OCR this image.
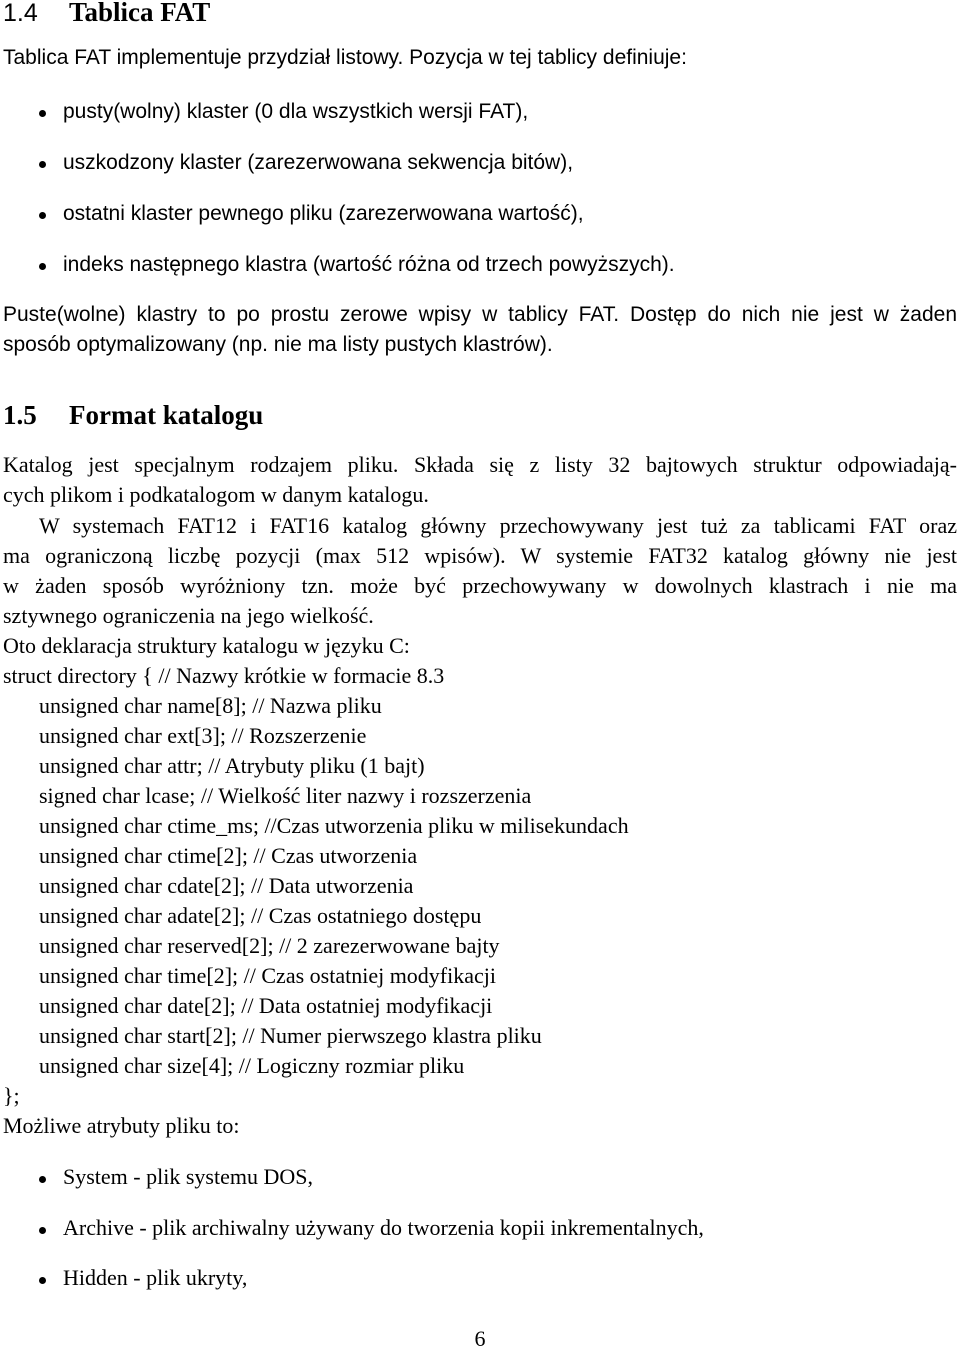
1.4 Tablica FAT
Tablica FAT implementuje przydział listowy. Pozycja w tej tablicy definiuje:
pusty(wolny) klaster (0 dla wszystkich wersji FAT),
uszkodzony klaster (zarezerwowana sekwencja bitów),
ostatni klaster pewnego pliku (zarezerwowana wartość),
indeks następnego klastra (wartość różna od trzech powyższych).
Puste(wolne) klastry to po prostu zerowe wpisy w tablicy FAT. Dostęp do nich nie jest w żaden
sposób optymalizowany (np. nie ma listy pustych klastrów).
1.5 Format katalogu
Katalog jest specjalnym rodzajem pliku. Składa się z listy 32 bajtowych struktur odpowiadają-
cych plikom i podkatalogom w danym katalogu.
W systemach FAT12 i FAT16 katalog główny przechowywany jest tuż za tablicami FAT oraz
ma ograniczoną liczbę pozycji (max 512 wpisów). W systemie FAT32 katalog główny nie jest
w żaden sposób wyróżniony tzn. może być przechowywany w dowolnych klastrach i nie ma
sztywnego ograniczenia na jego wielkość.
Oto deklaracja struktury katalogu w języku C:
struct directory { // Nazwy krótkie w formacie 8.3
unsigned char name[8]; // Nazwa pliku
unsigned char ext[3]; // Rozszerzenie
unsigned char attr; // Atrybuty pliku (1 bajt)
signed char lcase; // Wielkość liter nazwy i rozszerzenia
unsigned char ctime_ms; //Czas utworzenia pliku w milisekundach
unsigned char ctime[2]; // Czas utworzenia
unsigned char cdate[2]; // Data utworzenia
unsigned char adate[2]; // Czas ostatniego dostępu
unsigned char reserved[2]; // 2 zarezerwowane bajty
unsigned char time[2]; // Czas ostatniej modyfikacji
unsigned char date[2]; // Data ostatniej modyfikacji
unsigned char start[2]; // Numer pierwszego klastra pliku
unsigned char size[4]; // Logiczny rozmiar pliku
};
Możliwe atrybuty pliku to:
System - plik systemu DOS,
Archive - plik archiwalny używany do tworzenia kopii inkrementalnych,
Hidden - plik ukryty,
6
